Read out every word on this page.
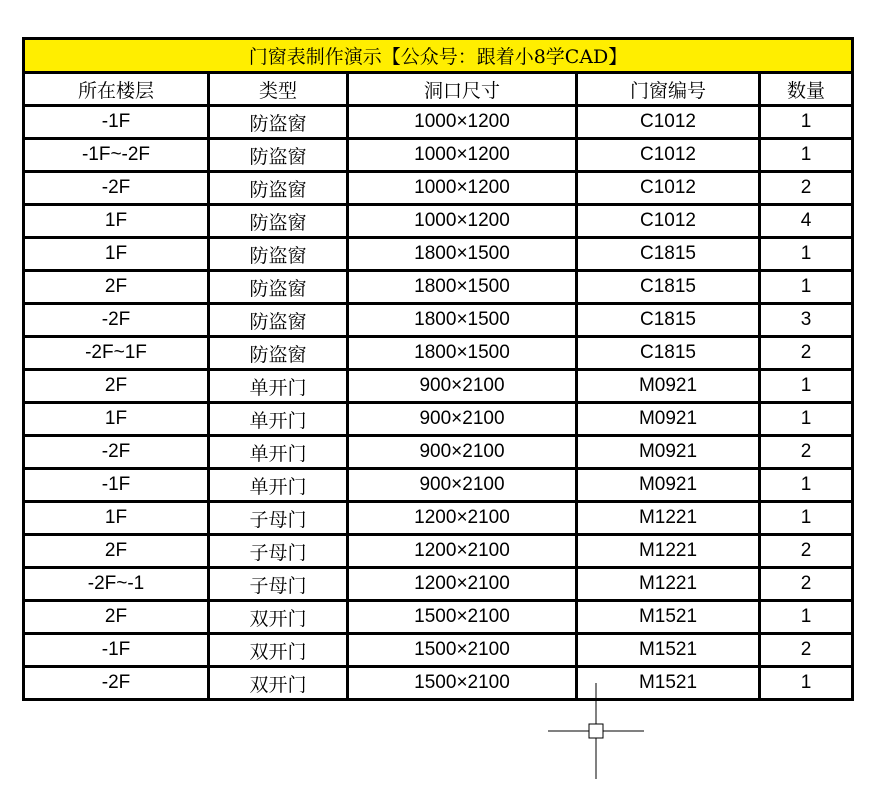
门窗表制作演示【公众号：跟着小8学CAD】
所在楼层	类型	洞口尺寸	门窗编号	数量
-1F	防盗窗	1000×1200	C1012	1
-1F~-2F	防盗窗	1000×1200	C1012	1
-2F	防盗窗	1000×1200	C1012	2
1F	防盗窗	1000×1200	C1012	4
1F	防盗窗	1800×1500	C1815	1
2F	防盗窗	1800×1500	C1815	1
-2F	防盗窗	1800×1500	C1815	3
-2F~1F	防盗窗	1800×1500	C1815	2
2F	单开门	900×2100	M0921	1
1F	单开门	900×2100	M0921	1
-2F	单开门	900×2100	M0921	2
-1F	单开门	900×2100	M0921	1
1F	子母门	1200×2100	M1221	1
2F	子母门	1200×2100	M1221	2
-2F~-1	子母门	1200×2100	M1221	2
2F	双开门	1500×2100	M1521	1
-1F	双开门	1500×2100	M1521	2
-2F	双开门	1500×2100	M1521	1
